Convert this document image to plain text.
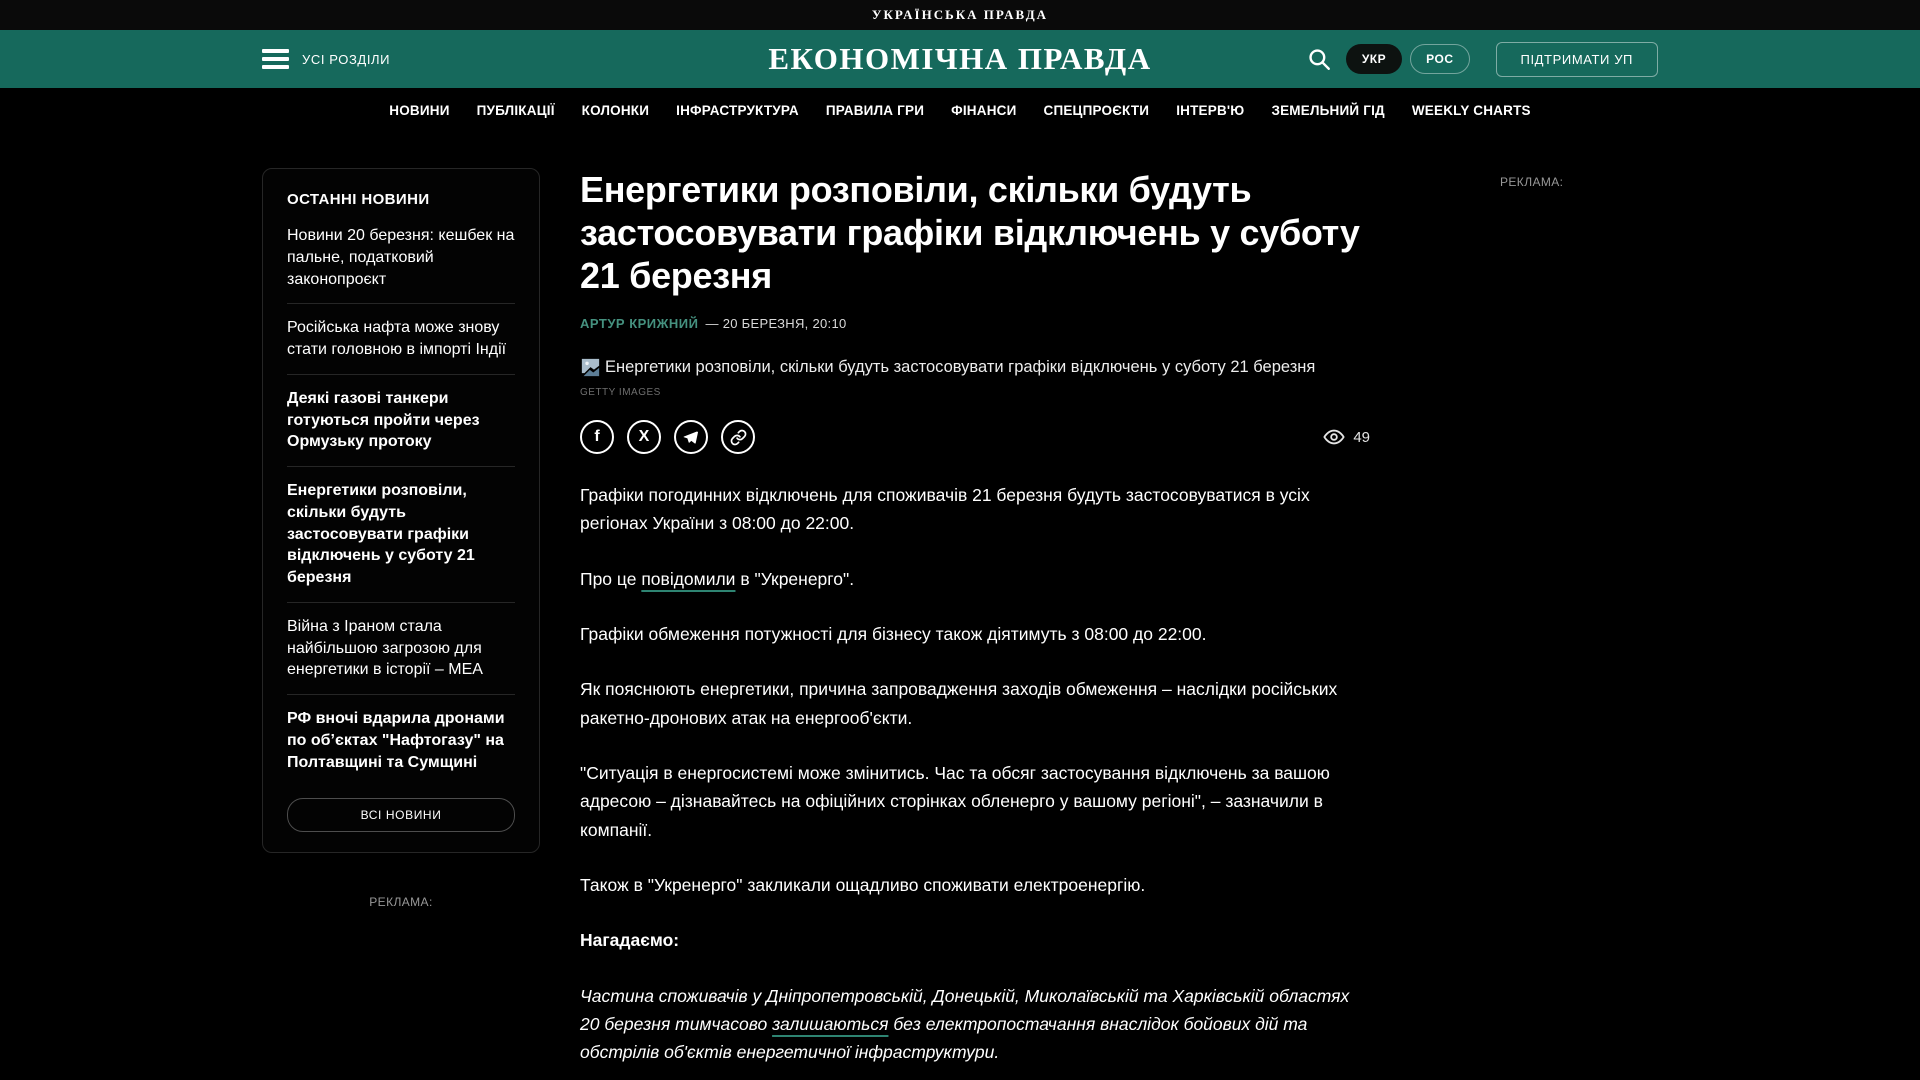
УКРАЇНСЬКА ПРАВДА
УСІ РОЗДІЛИ	ЕКОНОМІЧНА ПРАВДА	УКР	РОС	ПІДТРИМАТИ УП
НОВИНИ ПУБЛІКАЦІЇ КОЛОНКИ ІНФРАСТРУКТУРА ПРАВИЛА ГРИ ФІНАНСИ СПЕЦПРОЄКТИ ІНТЕРВ'Ю ЗЕМЕЛЬНИЙ ГІД WEEKLY CHARTS
ОСТАННІ НОВИНИ
Новини 20 березня: кешбек на пальне, податковий законопроєкт
Російська нафта може знову стати головною в імпорті Індії
Деякі газові танкери готуються пройти через Ормузьку протоку
Енергетики розповіли, скільки будуть застосовувати графіки відключень у суботу 21 березня
Війна з Іраном стала найбільшою загрозою для енергетики в історії – МЕА
РФ вночі вдарила дронами по об’єктах "Нафтогазу" на Полтавщині та Сумщині
ВСІ НОВИНИ
РЕКЛАМА:
Енергетики розповіли, скільки будуть застосовувати графіки відключень у суботу 21 березня
АРТУР КРИЖНИЙ — 20 БЕРЕЗНЯ, 20:10
Енергетики розповіли, скільки будуть застосовувати графіки відключень у суботу 21 березня
GETTY IMAGES
f X	49

Графіки погодинних відключень для споживачів 21 березня будуть застосовуватися в усіх регіонах України з 08:00 до 22:00.

Про це повідомили в "Укренерго".

Графіки обмеження потужності для бізнесу також діятимуть з 08:00 до 22:00.

Як пояснюють енергетики, причина запровадження заходів обмеження – наслідки російських ракетно-дронових атак на енергооб'єкти.

"Ситуація в енергосистемі може змінитись. Час та обсяг застосування відключень за вашою адресою – дізнавайтесь на офіційних сторінках обленерго у вашому регіоні", – зазначили в компанії.

Також в "Укренерго" закликали ощадливо споживати електроенергію.

Нагадаємо:

Частина споживачів у Дніпропетровській, Донецькій, Миколаївській та Харківській областях 20 березня тимчасово залишаються без електропостачання внаслідок бойових дій та обстрілів об'єктів енергетичної інфраструктури.

РЕКЛАМА:
